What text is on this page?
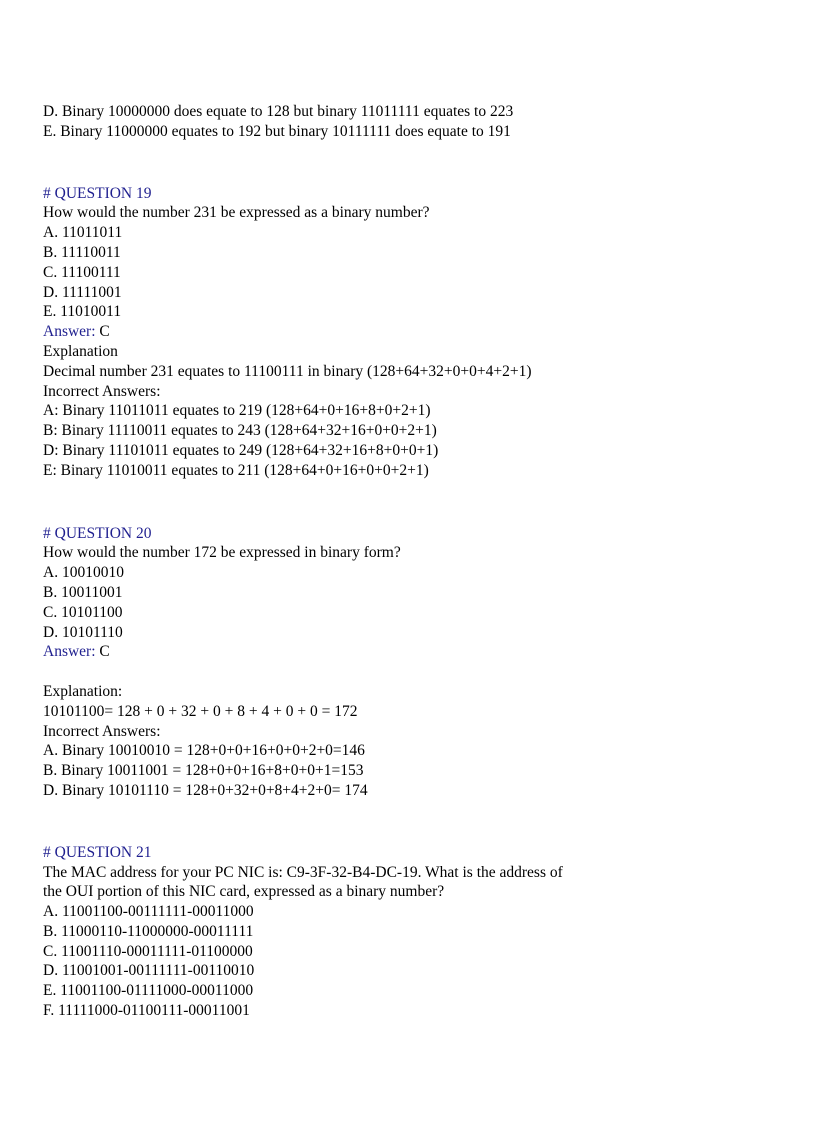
D. Binary 10000000 does equate to 128 but binary 11011111 equates to 223
E. Binary 11000000 equates to 192 but binary 10111111 does equate to 191
# QUESTION 19
How would the number 231 be expressed as a binary number?
A. 11011011
B. 11110011
C. 11100111
D. 11111001
E. 11010011
Answer: C
Explanation
Decimal number 231 equates to 11100111 in binary (128+64+32+0+0+4+2+1)
Incorrect Answers:
A: Binary 11011011 equates to 219 (128+64+0+16+8+0+2+1)
B: Binary 11110011 equates to 243 (128+64+32+16+0+0+2+1)
D: Binary 11101011 equates to 249 (128+64+32+16+8+0+0+1)
E: Binary 11010011 equates to 211 (128+64+0+16+0+0+2+1)
# QUESTION 20
How would the number 172 be expressed in binary form?
A. 10010010
B. 10011001
C. 10101100
D. 10101110
Answer: C
Explanation:
10101100= 128 + 0 + 32 + 0 + 8 + 4 + 0 + 0 = 172
Incorrect Answers:
A. Binary 10010010 = 128+0+0+16+0+0+2+0=146
B. Binary 10011001 = 128+0+0+16+8+0+0+1=153
D. Binary 10101110 = 128+0+32+0+8+4+2+0= 174
# QUESTION 21
The MAC address for your PC NIC is: C9-3F-32-B4-DC-19. What is the address of
the OUI portion of this NIC card, expressed as a binary number?
A. 11001100-00111111-00011000
B. 11000110-11000000-00011111
C. 11001110-00011111-01100000
D. 11001001-00111111-00110010
E. 11001100-01111000-00011000
F. 11111000-01100111-00011001
